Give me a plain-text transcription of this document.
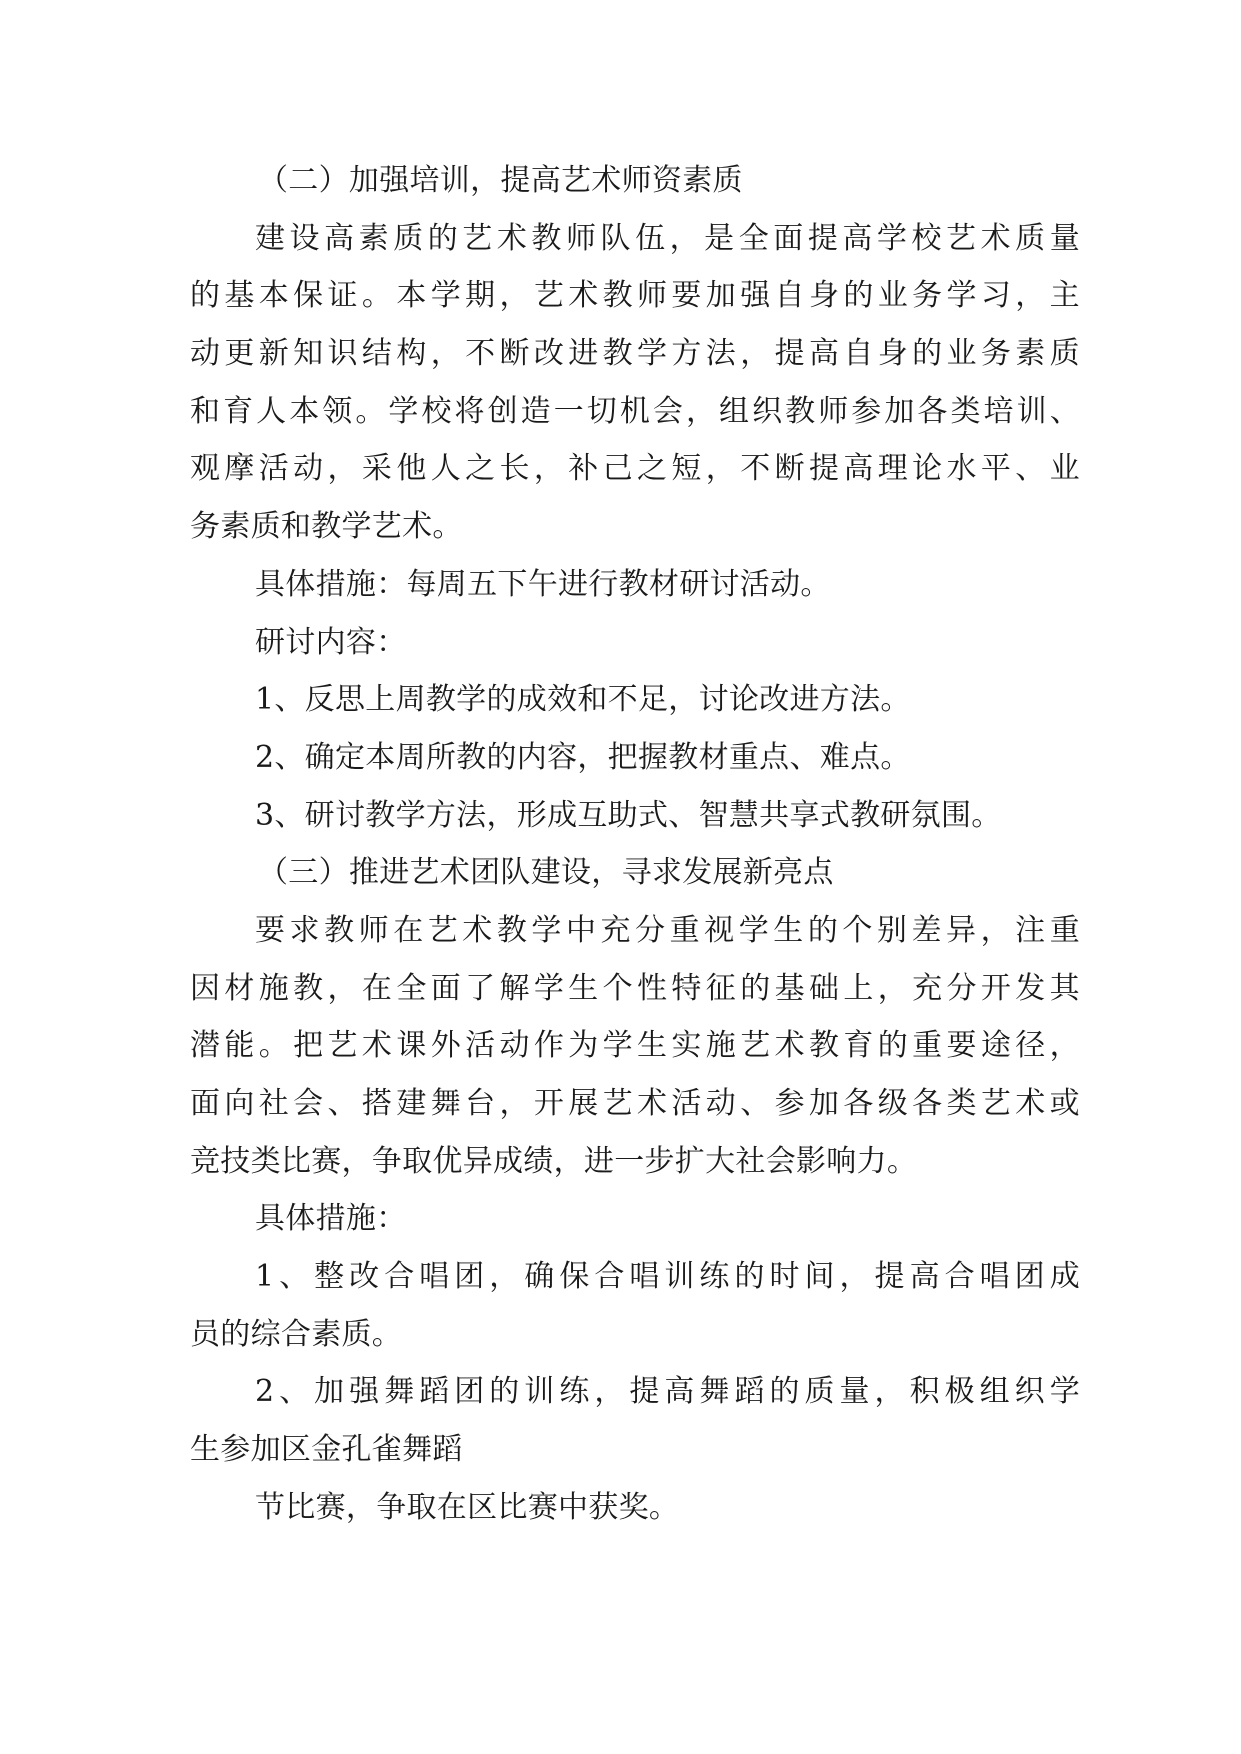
（二）加强培训，提高艺术师资素质
建设高素质的艺术教师队伍，是全面提高学校艺术质量
的基本保证。本学期，艺术教师要加强自身的业务学习，主
动更新知识结构，不断改进教学方法，提高自身的业务素质
和育人本领。学校将创造一切机会，组织教师参加各类培训、
观摩活动，采他人之长，补己之短，不断提高理论水平、业
务素质和教学艺术。
具体措施：每周五下午进行教材研讨活动。
研讨内容：
1、反思上周教学的成效和不足，讨论改进方法。
2、确定本周所教的内容，把握教材重点、难点。
3、研讨教学方法，形成互助式、智慧共享式教研氛围。
（三）推进艺术团队建设，寻求发展新亮点
要求教师在艺术教学中充分重视学生的个别差异，注重
因材施教，在全面了解学生个性特征的基础上，充分开发其
潜能。把艺术课外活动作为学生实施艺术教育的重要途径，
面向社会、搭建舞台，开展艺术活动、参加各级各类艺术或
竞技类比赛，争取优异成绩，进一步扩大社会影响力。
具体措施：
1、整改合唱团，确保合唱训练的时间，提高合唱团成
员的综合素质。
2、加强舞蹈团的训练，提高舞蹈的质量，积极组织学
生参加区金孔雀舞蹈
节比赛，争取在区比赛中获奖。
